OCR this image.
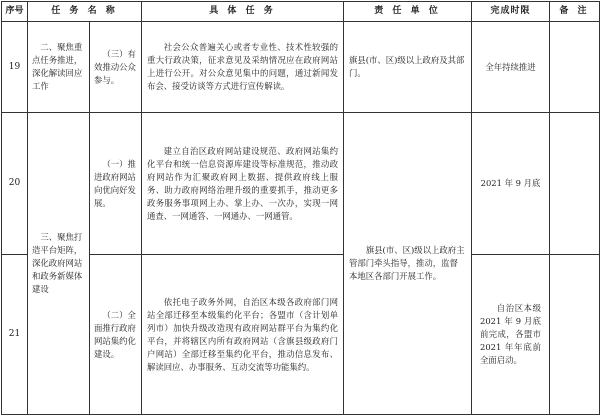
序号	任 务 名 称		具 体 任 务	责 任 单 位	完成时限	备 注
19	二、聚焦重点任务推进，深化解读回应工作	（三）有效推动公众参与。	社会公众普遍关心或者专业性、技术性较强的重大行政决策，征求意见及采纳情况应在政府网站上进行公开。对公众意见集中的问题，通过新闻发布会、接受访谈等方式进行宣传解读。	旗县(市、区)级以上政府及其部门。	全年持续推进	
20	三、聚焦打造平台矩阵，深化政府网站和政务新媒体建设	（一）推进政府网站向优向好发展。	建立自治区政府网站建设规范、政府网站集约化平台和统一信息资源库建设等标准规范，推动政府网站作为汇聚政府网上数据、提供政府线上服务、助力政府网络治理升级的重要抓手，推动更多政务服务事项网上办、掌上办、一次办，实现一网通查、一网通答、一网通办、一网通管。	旗县(市、区)级以上政府主管部门牵头指导，推动，监督本地区各部门开展工作。	2021 年 9 月底	
21		（二）全面推行政府网站集约化建设。	依托电子政务外网，自治区本级各政府部门网站全部迁移至本级集约化平台；各盟市（含计划单列市）加快升级改造现有政府网站群平台为集约化平台，并将辖区内所有政府网站（含旗县级政府门户网站）全部迁移至集约化平台，推动信息发布、解读回应、办事服务、互动交流等功能集约。		自治区本级 2021 年 9 月底前完成，各盟市 2021 年年底前全面启动。	
